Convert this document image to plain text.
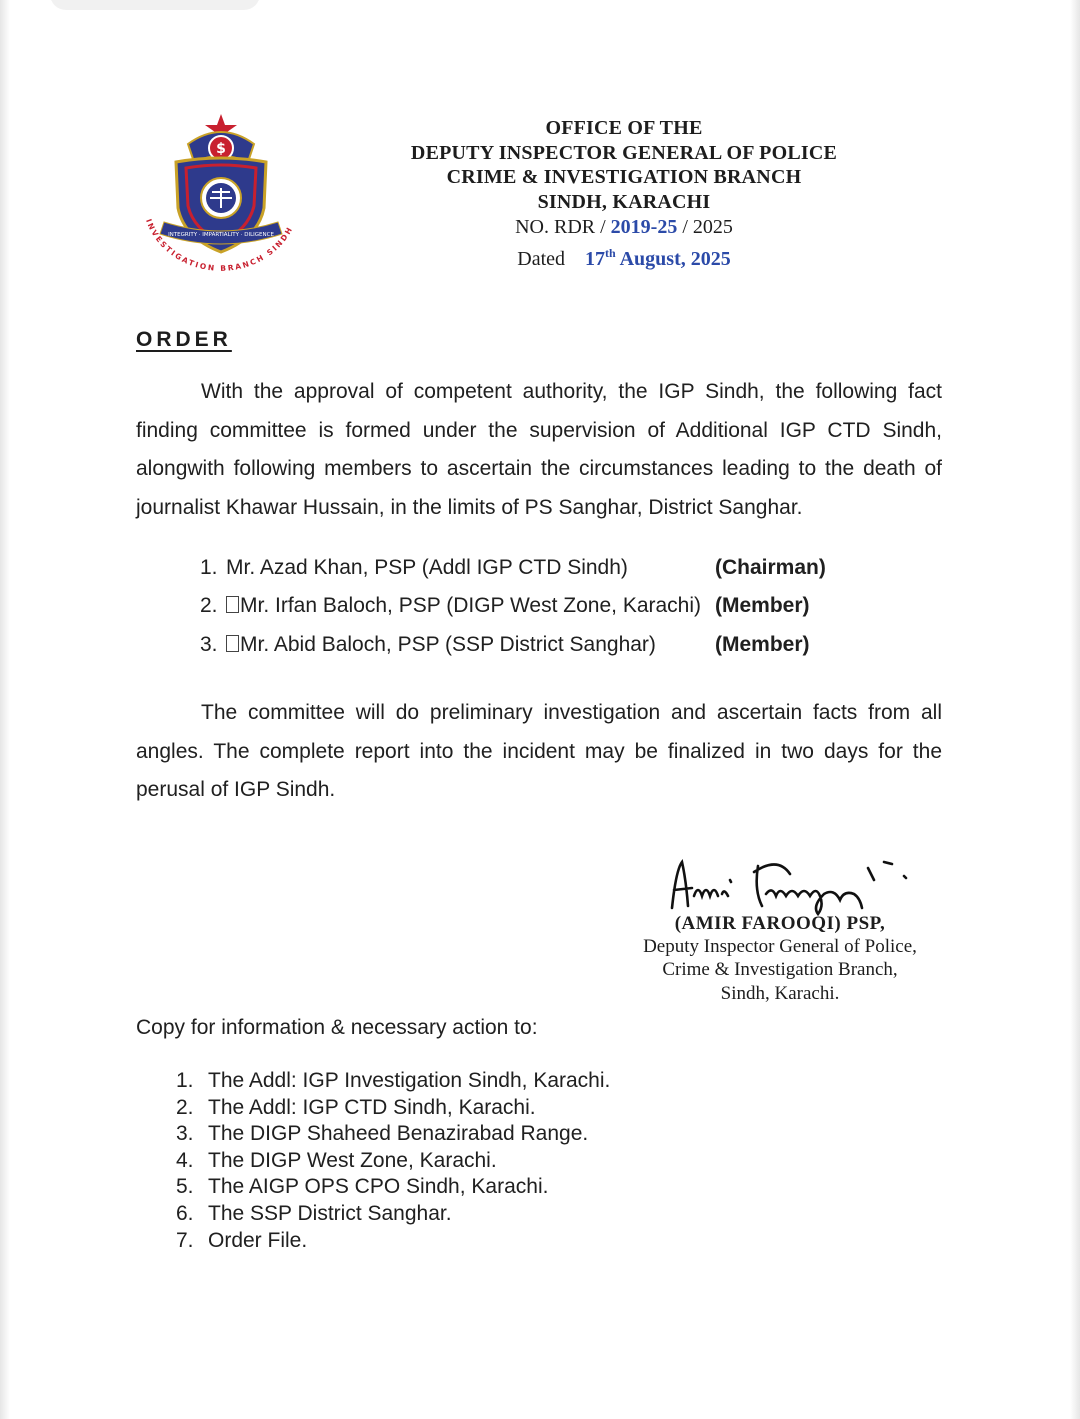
$
INTEGRITY · IMPARTIALITY · DILIGENCE
INVESTIGATION BRANCH SINDH
OFFICE OF THE
DEPUTY INSPECTOR GENERAL OF POLICE
CRIME & INVESTIGATION BRANCH
SINDH, KARACHI
NO. RDR / 2019-25 / 2025
Dated 17th August, 2025
ORDER
With the approval of competent authority, the IGP Sindh, the following fact finding committee is formed under the supervision of Additional IGP CTD Sindh, alongwith following members to ascertain the circumstances leading to the death of journalist Khawar Hussain, in the limits of PS Sanghar, District Sanghar.
1. Mr. Azad Khan, PSP (Addl IGP CTD Sindh)	(Chairman)
2.	Mr. Irfan Baloch, PSP (DIGP West Zone, Karachi) (Member)
3.	Mr. Abid Baloch, PSP (SSP District Sanghar)	(Member)
The committee will do preliminary investigation and ascertain facts from all angles. The complete report into the incident may be finalized in two days for the perusal of IGP Sindh.
(AMIR FAROOQI) PSP,
Deputy Inspector General of Police,
Crime & Investigation Branch,
Sindh, Karachi.
Copy for information & necessary action to:
1. The Addl: IGP Investigation Sindh, Karachi.
2. The Addl: IGP CTD Sindh, Karachi.
3. The DIGP Shaheed Benazirabad Range.
4. The DIGP West Zone, Karachi.
5. The AIGP OPS CPO Sindh, Karachi.
6. The SSP District Sanghar.
7. Order File.
